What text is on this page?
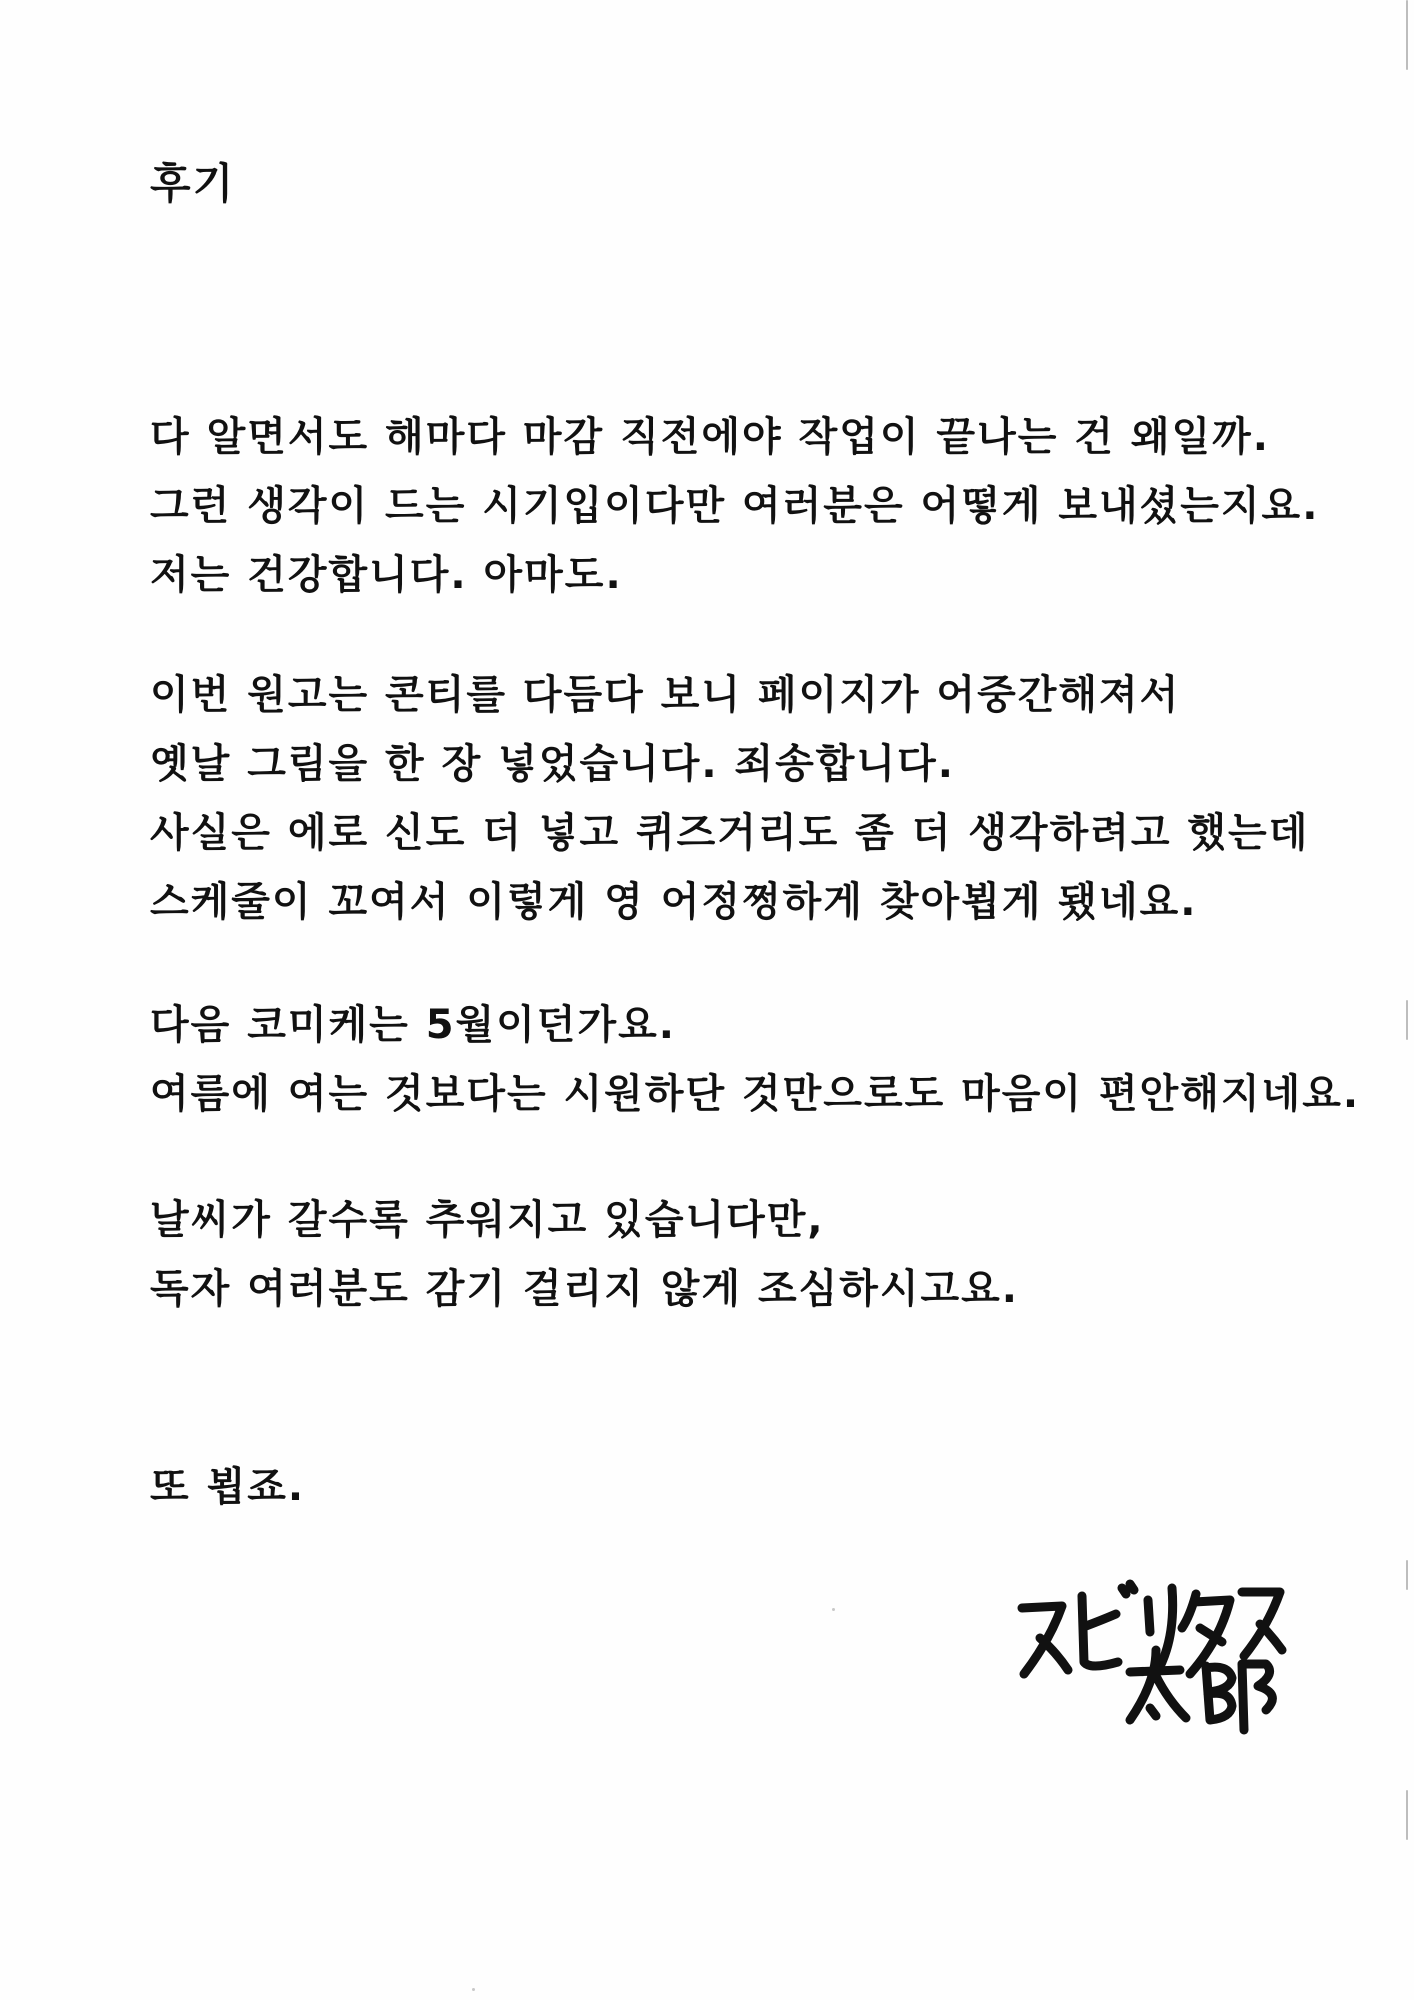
후기
다 알면서도 해마다 마감 직전에야 작업이 끝나는 건 왜일까.
그런 생각이 드는 시기입이다만 여러분은 어떻게 보내셨는지요.
저는 건강합니다. 아마도.
이번 원고는 콘티를 다듬다 보니 페이지가 어중간해져서
옛날 그림을 한 장 넣었습니다. 죄송합니다.
사실은 에로 신도 더 넣고 퀴즈거리도 좀 더 생각하려고 했는데
스케줄이 꼬여서 이렇게 영 어정쩡하게 찾아뵙게 됐네요.
다음 코미케는 5월이던가요.
여름에 여는 것보다는 시원하단 것만으로도 마음이 편안해지네요.
날씨가 갈수록 추워지고 있습니다만,
독자 여러분도 감기 걸리지 않게 조심하시고요.
또 뵙죠.
